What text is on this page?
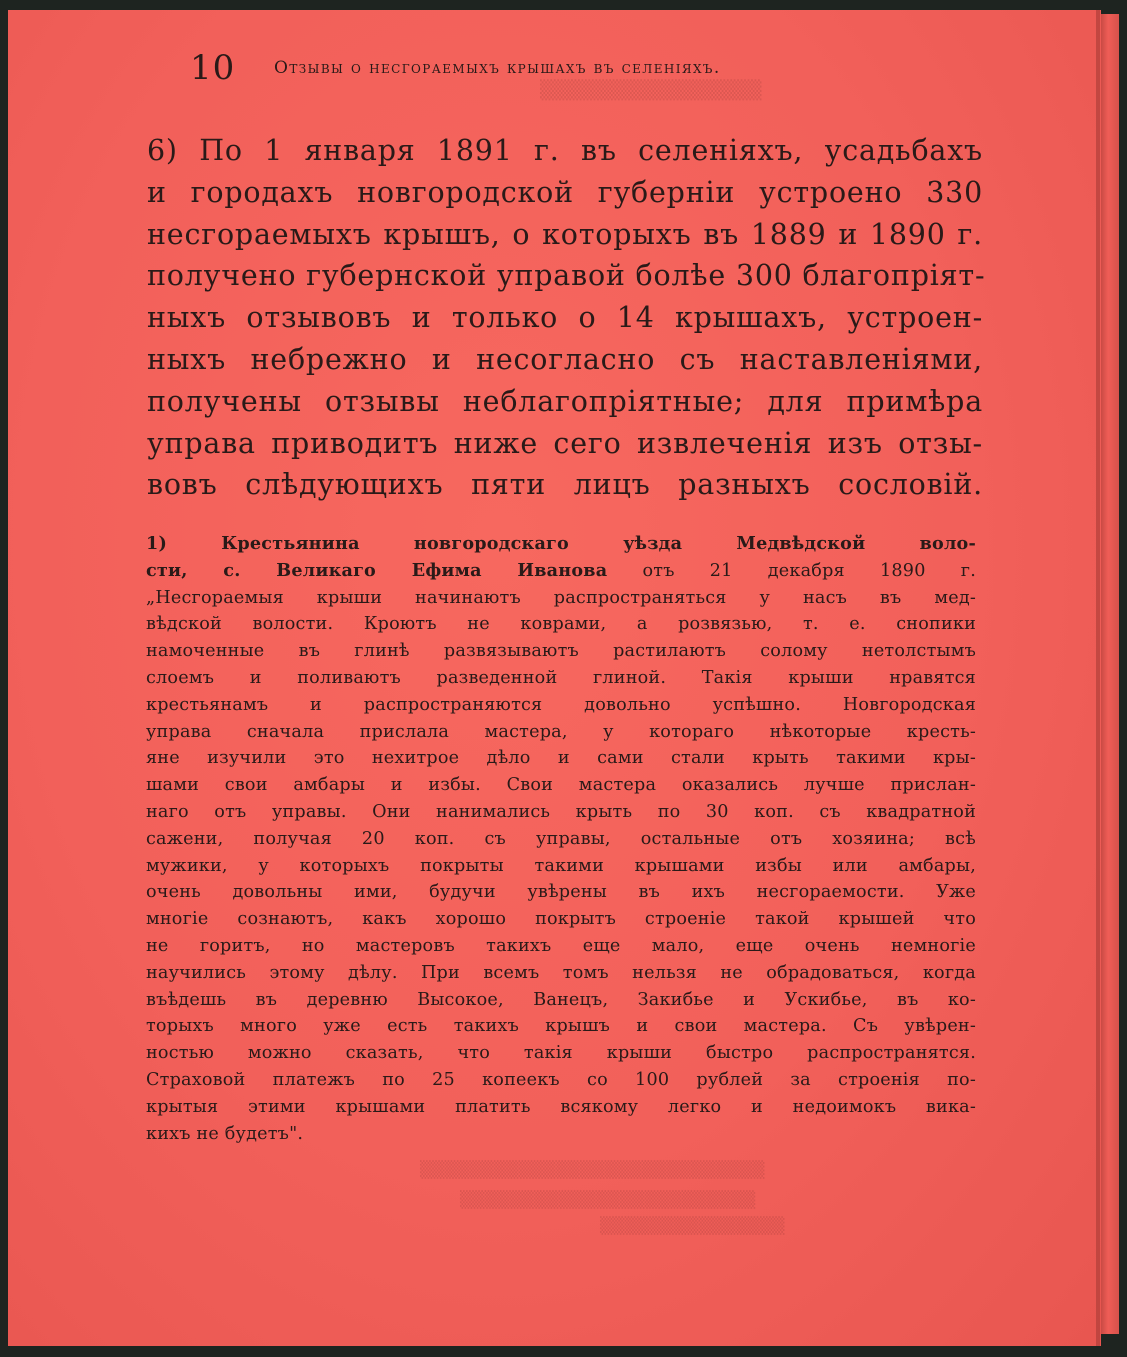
▒▒▒▒▒▒▒▒▒▒▒▒▒▒▒▒
▒▒▒▒▒▒▒▒▒▒▒▒▒▒▒▒▒▒▒▒▒▒▒▒▒▒▒▒
▒▒▒▒▒▒▒▒▒▒▒▒▒▒▒▒▒▒▒▒▒▒▒▒
▒▒▒▒▒▒▒▒▒▒▒▒▒▒▒
10 Отзывы о несгораемыхъ крышахъ въ селеніяхъ.
6) По 1 января 1891 г. въ селеніяхъ, усадьбахъ
и городахъ новгородской губерніи устроено 330
несгораемыхъ крышъ, о которыхъ въ 1889 и 1890 г.
получено губернской управой болѣе 300 благопріят-
ныхъ отзывовъ и только о 14 крышахъ, устроен-
ныхъ небрежно и несогласно съ наставленіями,
получены отзывы неблагопріятные; для примѣра
управа приводитъ ниже сего извлеченія изъ отзы-
вовъ слѣдующихъ пяти лицъ разныхъ сословій.
1) Крестьянина новгородскаго уѣзда Медвѣдской воло-
сти, с. Великаго Ефима Иванова отъ 21 декабря 1890 г.
„Несгораемыя крыши начинаютъ распространяться у насъ въ мед-
вѣдской волости. Кроютъ не коврами, а розвязью, т. е. снопики
намоченные въ глинѣ развязываютъ растилаютъ солому нетолстымъ
слоемъ и поливаютъ разведенной глиной. Такія крыши нравятся
крестьянамъ и распространяются довольно успѣшно. Новгородская
управа сначала прислала мастера, у котораго нѣкоторые кресть-
яне изучили это нехитрое дѣло и сами стали крыть такими кры-
шами свои амбары и избы. Свои мастера оказались лучше прислан-
наго отъ управы. Они нанимались крыть по 30 коп. съ квадратной
сажени, получая 20 коп. съ управы, остальные отъ хозяина; всѣ
мужики, у которыхъ покрыты такими крышами избы или амбары,
очень довольны ими, будучи увѣрены въ ихъ несгораемости. Уже
многіе сознаютъ, какъ хорошо покрытъ строеніе такой крышей что
не горитъ, но мастеровъ такихъ еще мало, еще очень немногіе
научились этому дѣлу. При всемъ томъ нельзя не обрадоваться, когда
въѣдешь въ деревню Высокое, Ванецъ, Закибье и Ускибье, въ ко-
торыхъ много уже есть такихъ крышъ и свои мастера. Съ увѣрен-
ностью можно сказать, что такія крыши быстро распространятся.
Страховой платежъ по 25 копеекъ со 100 рублей за строенія по-
крытыя этими крышами платить всякому легко и недоимокъ вика-
кихъ не будетъ".
